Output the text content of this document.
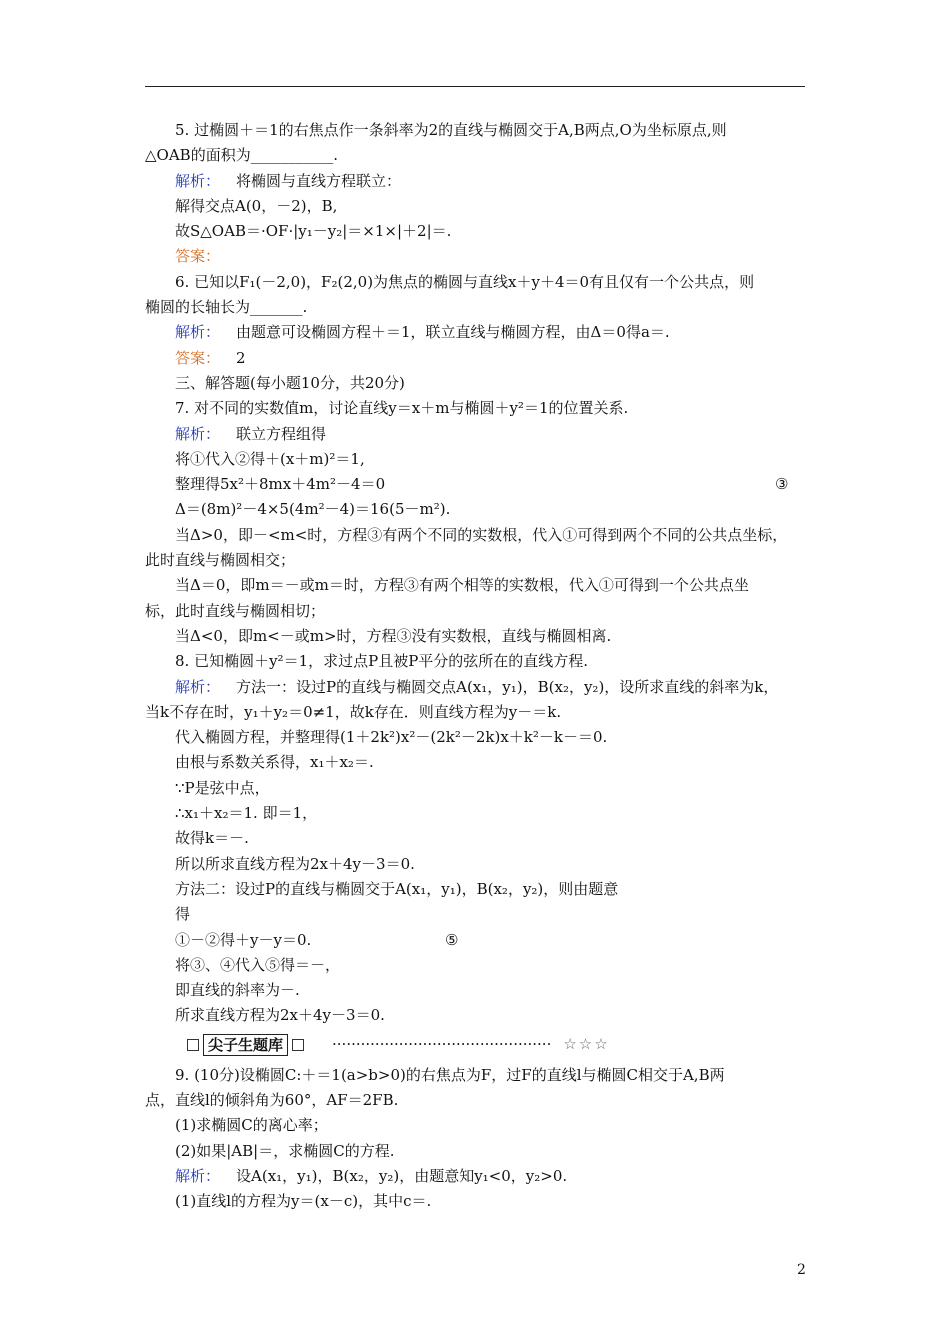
5. 过椭圆＋＝1的右焦点作一条斜率为2的直线与椭圆交于A,B两点,O为坐标原点,则
△OAB的面积为___________.
解析： 将椭圆与直线方程联立：
解得交点A(0，－2)，B,
故S△OAB＝·OF·|y₁－y₂|＝×1×|＋2|＝.
答案：
6. 已知以F₁(－2,0)，F₂(2,0)为焦点的椭圆与直线x＋y＋4＝0有且仅有一个公共点，则
椭圆的长轴长为_______.
解析： 由题意可设椭圆方程＋＝1，联立直线与椭圆方程，由Δ＝0得a＝.
答案： 2
三、解答题(每小题10分，共20分)
7. 对不同的实数值m，讨论直线y＝x＋m与椭圆＋y²＝1的位置关系.
解析： 联立方程组得
将①代入②得＋(x＋m)²＝1,
整理得5x²＋8mx＋4m²－4＝0	③
Δ＝(8m)²－4×5(4m²－4)＝16(5－m²).
当Δ>0，即－<m<时，方程③有两个不同的实数根，代入①可得到两个不同的公共点坐标，
此时直线与椭圆相交；
当Δ＝0，即m＝－或m＝时，方程③有两个相等的实数根，代入①可得到一个公共点坐
标，此时直线与椭圆相切；
当Δ<0，即m<－或m>时，方程③没有实数根，直线与椭圆相离.
8. 已知椭圆＋y²＝1，求过点P且被P平分的弦所在的直线方程.
解析： 方法一：设过P的直线与椭圆交点A(x₁，y₁)，B(x₂，y₂)，设所求直线的斜率为k，
当k不存在时，y₁＋y₂＝0≠1，故k存在．则直线方程为y－＝k.
代入椭圆方程，并整理得(1＋2k²)x²－(2k²－2k)x＋k²－k－＝0.
由根与系数关系得，x₁＋x₂＝.
∵P是弦中点，
∴x₁＋x₂＝1. 即＝1，
故得k＝－.
所以所求直线方程为2x＋4y－3＝0.
方法二：设过P的直线与椭圆交于A(x₁，y₁)，B(x₂，y₂)，则由题意
得
①－②得＋y－y＝0.	⑤
将③、④代入⑤得＝－，
即直线的斜率为－.
所求直线方程为2x＋4y－3＝0.
尖子生题库	·············································· ☆☆☆
9. (10分)设椭圆C:＋＝1(a>b>0)的右焦点为F，过F的直线l与椭圆C相交于A,B两
点，直线l的倾斜角为60°，AF＝2FB.
(1)求椭圆C的离心率；
(2)如果|AB|＝，求椭圆C的方程.
解析： 设A(x₁，y₁)，B(x₂，y₂)，由题意知y₁<0，y₂>0.
(1)直线l的方程为y＝(x－c)，其中c＝.
2
